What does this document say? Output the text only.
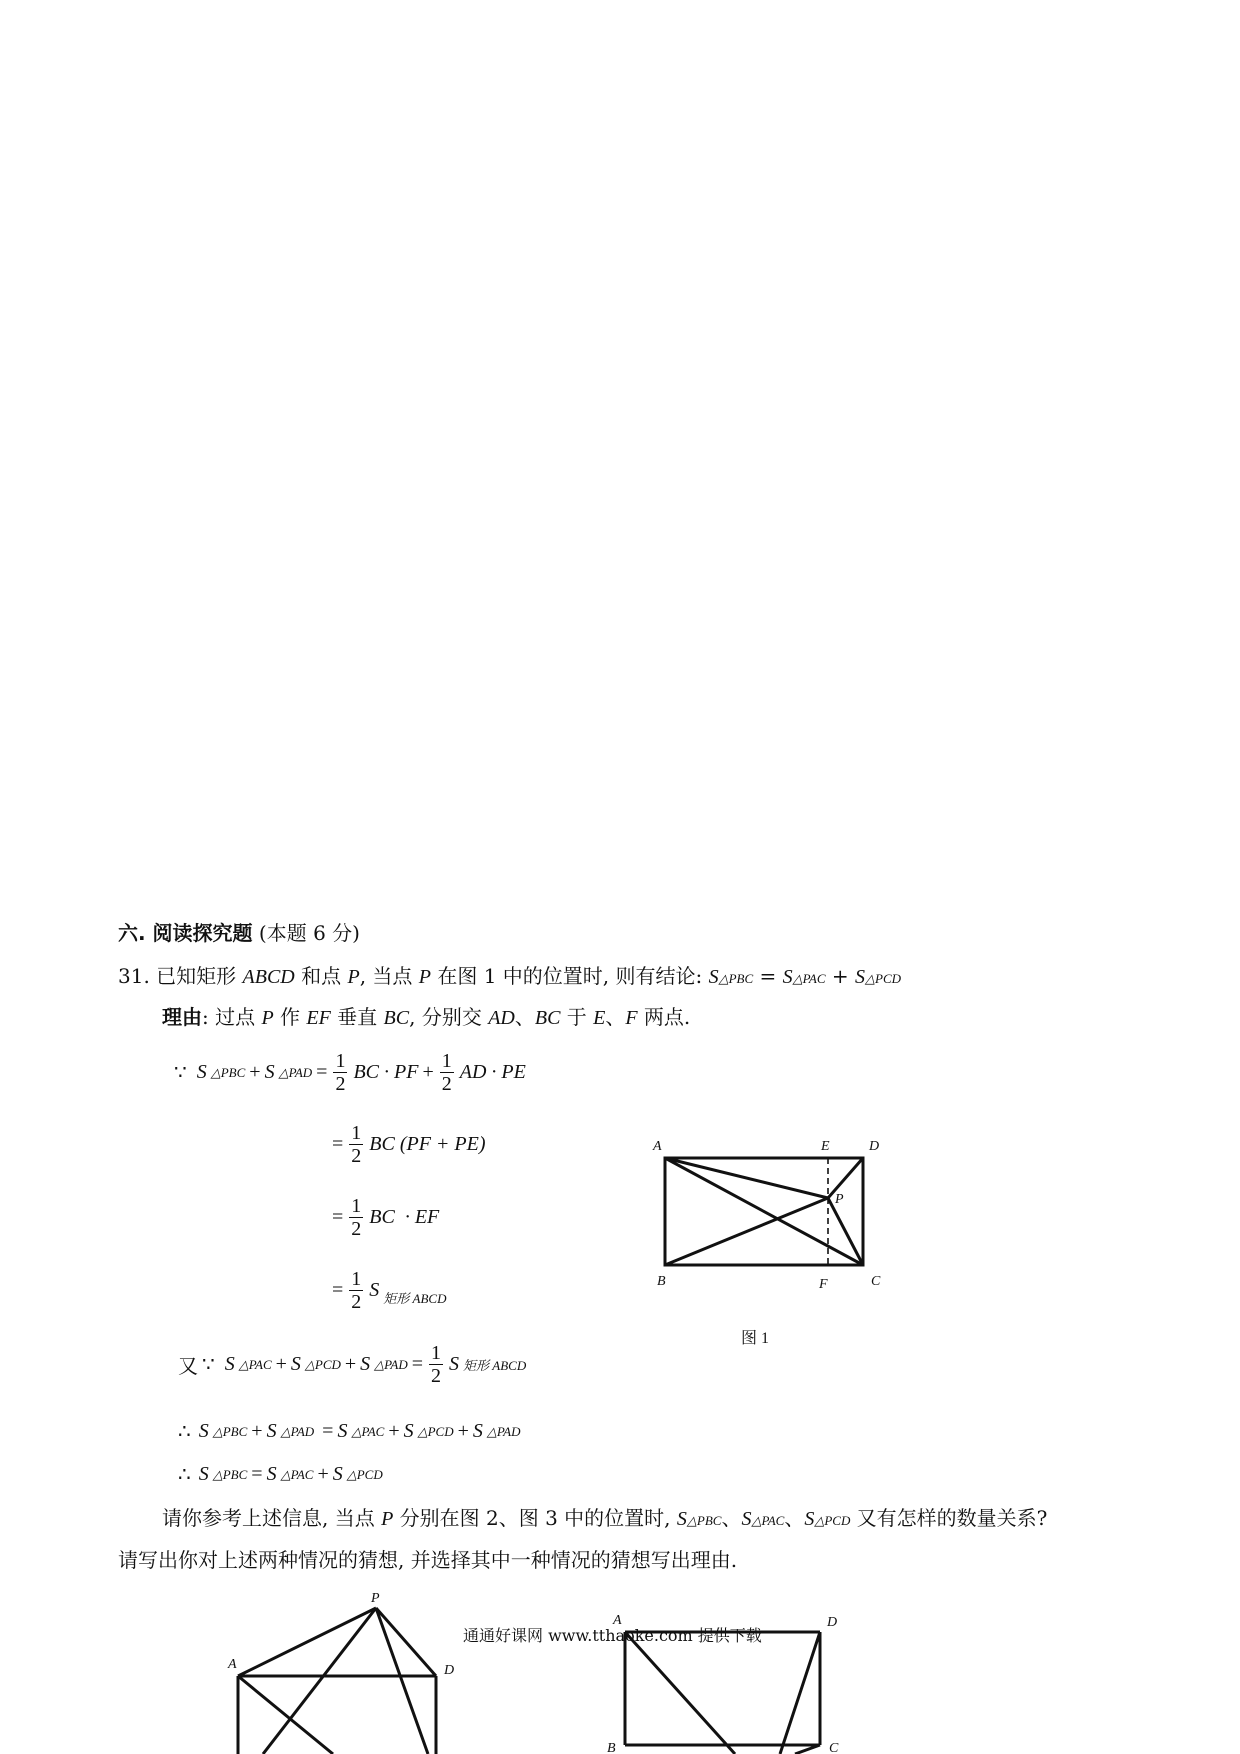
六. 阅读探究题 (本题 6 分)
31. 已知矩形 ABCD 和点 P, 当点 P 在图 1 中的位置时, 则有结论: S△PBC = S△PAC + S△PCD
理由: 过点 P 作 EF 垂直 BC, 分别交 AD、BC 于 E、F 两点.
∵ S △PBC + S △PAD = $\frac{1}{2}$ BC · PF + $\frac{1}{2}$ AD · PE
= $\frac{1}{2}$ BC (PF + PE)
= $\frac{1}{2}$ BC  · EF
= $\frac{1}{2}$ S 矩形 ABCD
又 ∵ S △PAC + S △PCD + S △PAD = $\frac{1}{2}$ S 矩形 ABCD
∴ S △PBC + S △PAD = S △PAC + S △PCD + S △PAD
∴ S △PBC = S △PAC + S △PCD
请你参考上述信息, 当点 P 分别在图 2、图 3 中的位置时, S△PBC、S△PAC、S△PCD 又有怎样的数量关系?
请写出你对上述两种情况的猜想, 并选择其中一种情况的猜想写出理由.
A	E	D
P
B	F	C
图 1
P
A	D
A	D
B	C
通通好课网 www.tthaoke.com 提供下载
